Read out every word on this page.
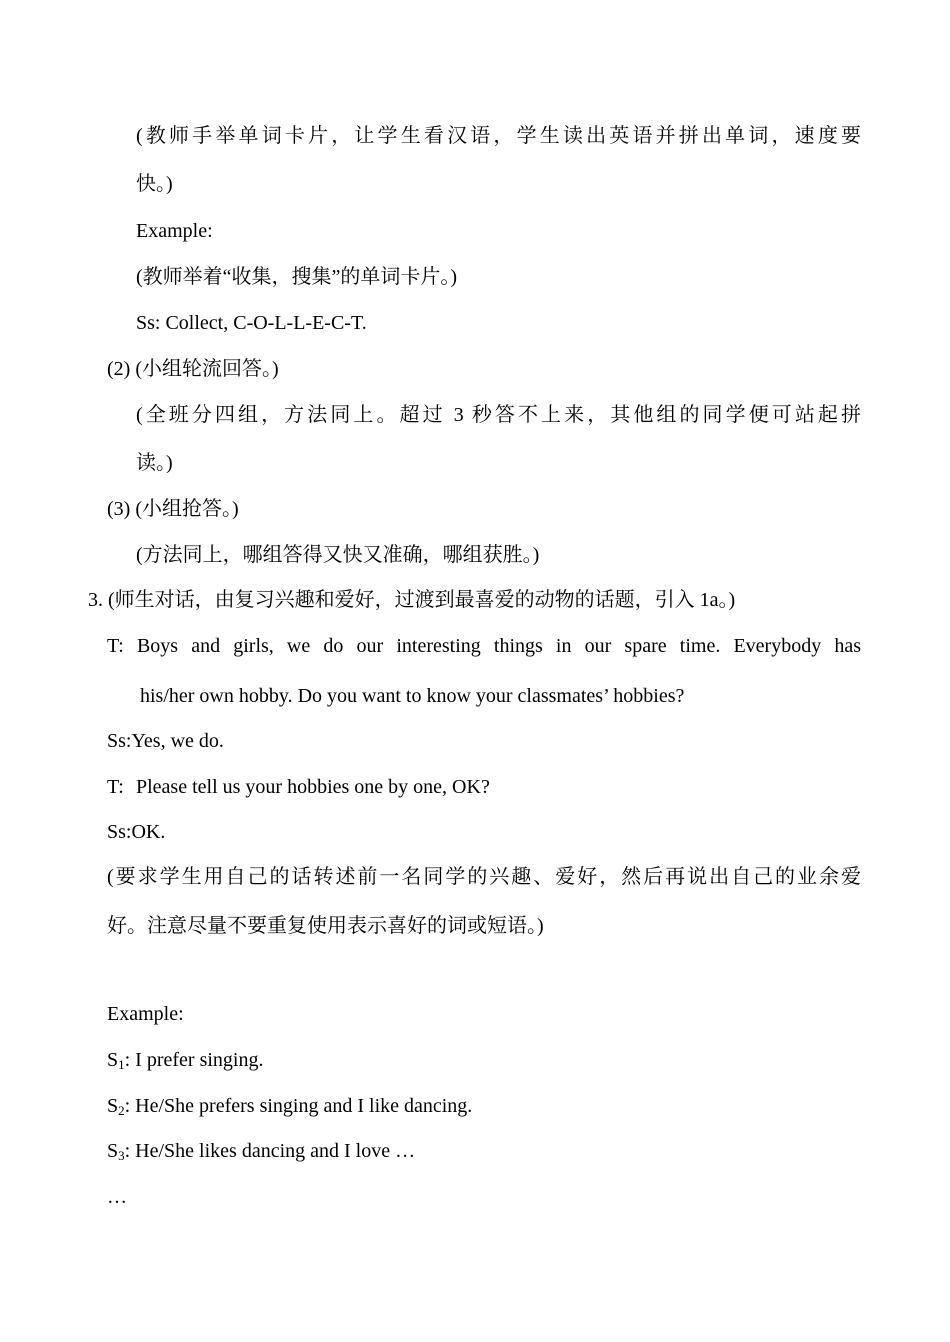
(教师手举单词卡片，让学生看汉语，学生读出英语并拼出单词，速度要
快。)
Example:
(教师举着“收集，搜集”的单词卡片。)
Ss: Collect, C-O-L-L-E-C-T.
(2) (小组轮流回答。)
(全班分四组，方法同上。超过 3 秒答不上来，其他组的同学便可站起拼
读。)
(3) (小组抢答。)
(方法同上，哪组答得又快又准确，哪组获胜。)
3. (师生对话，由复习兴趣和爱好，过渡到最喜爱的动物的话题，引入 1a。)
T: Boys and girls, we do our interesting things in our spare time. Everybody has
his/her own hobby. Do you want to know your classmates’ hobbies?
Ss:Yes, we do.
T: Please tell us your hobbies one by one, OK?
Ss:OK.
(要求学生用自己的话转述前一名同学的兴趣、爱好，然后再说出自己的业余爱
好。注意尽量不要重复使用表示喜好的词或短语。)
Example:
$S_1$: I prefer singing.
$S_2$: He/She prefers singing and I like dancing.
$S_3$: He/She likes dancing and I love …
…
